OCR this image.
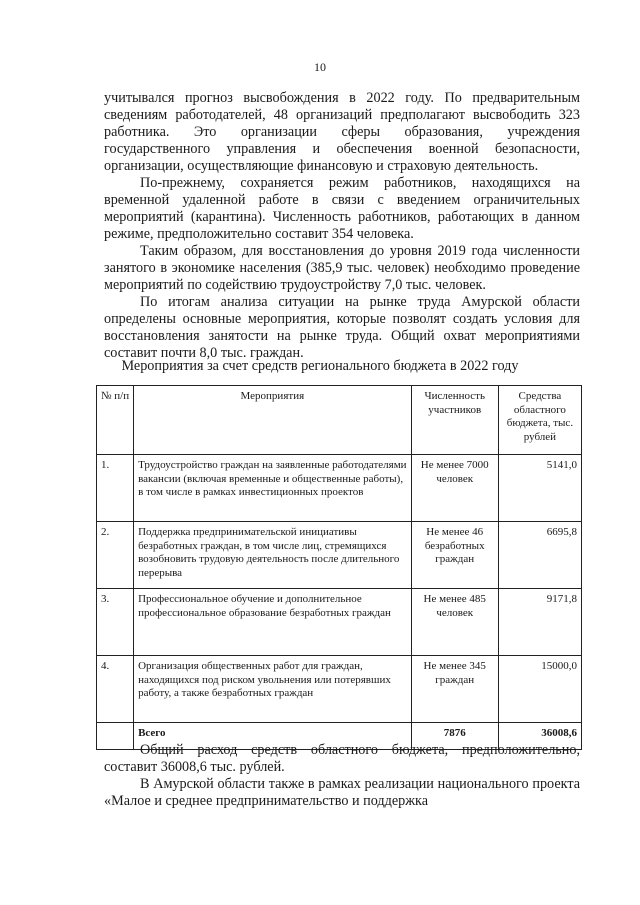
10

учитывался прогноз высвобождения в 2022 году. По предварительным сведениям работодателей, 48 организаций предполагают высвободить 323 работника. Это организации сферы образования, учреждения государственного управления и обеспечения военной безопасности, организации, осуществляющие финансовую и страховую деятельность.

По-прежнему, сохраняется режим работников, находящихся на временной удаленной работе в связи с введением ограничительных мероприятий (карантина). Численность работников, работающих в данном режиме, предположительно составит 354 человека.

Таким образом, для восстановления до уровня 2019 года численности занятого в экономике населения (385,9 тыс. человек) необходимо проведение мероприятий по содействию трудоустройству 7,0 тыс. человек.

По итогам анализа ситуации на рынке труда Амурской области определены основные мероприятия, которые позволят создать условия для восстановления занятости на рынке труда. Общий охват мероприятиями составит почти 8,0 тыс. граждан.

Мероприятия за счет средств регионального бюджета в 2022 году
№ п/п	Мероприятия	Численность участников	Средства областного бюджета, тыс. рублей
1.	Трудоустройство граждан на заявленные работодателями вакансии (включая временные и общественные работы), в том числе в рамках инвестиционных проектов	Не менее 7000 человек	5141,0
2.	Поддержка предпринимательской инициативы безработных граждан, в том числе лиц, стремящихся возобновить трудовую деятельность после длительного перерыва	Не менее 46 безработных граждан	6695,8
3.	Профессиональное обучение и дополнительное профессиональное образование безработных граждан	Не менее 485 человек	9171,8
4.	Организация общественных работ для граждан, находящихся под риском увольнения или потерявших работу, а также безработных граждан	Не менее 345 граждан	15000,0
	Всего	7876	36008,6

Общий расход средств областного бюджета, предположительно, составит 36008,6 тыс. рублей.

В Амурской области также в рамках реализации национального проекта «Малое и среднее предпринимательство и поддержка
